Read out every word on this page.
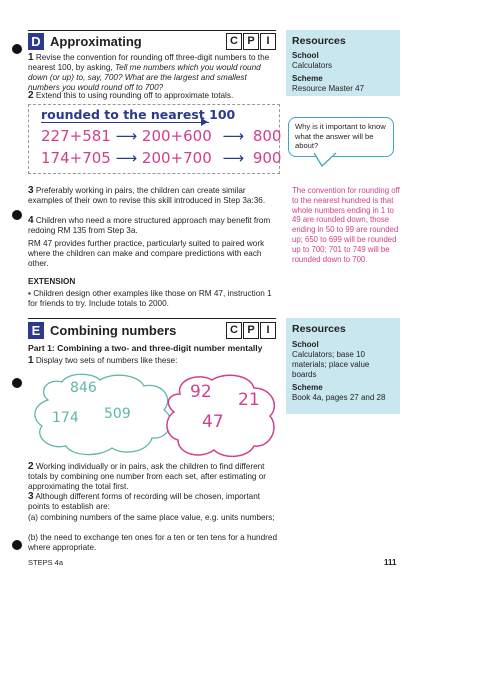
D Approximating	C P	I
1 Revise the convention for rounding off three-digit numbers to the nearest 100, by asking, Tell me numbers which you would round down (or up) to, say, 700? What are the largest and smallest numbers you would round off to 700?
2 Extend this to using rounding off to approximate totals.
rounded to the nearest 100
227+581 ⟶ 200+600 ⟶ 800
174+705 ⟶ 200+700 ⟶ 900
3 Preferably working in pairs, the children can create similar examples of their own to revise this skill introduced in Step 3a:36.
4 Children who need a more structured approach may benefit from redoing RM 135 from Step 3a.
RM 47 provides further practice, particularly suited to paired work where the children can make and compare predictions with each other.
EXTENSION
▪ Children design other examples like those on RM 47, instruction 1 for friends to try. Include totals to 2000.
Resources
School
Calculators
Scheme
Resource Master 47
Why is it important to know what the answer will be about?
The convention for rounding off to the nearest hundred is that whole numbers ending in 1 to 49 are rounded down, those ending in 50 to 99 are rounded up; 650 to 699 will be rounded up to 700; 701 to 749 will be rounded down to 700.
E Combining numbers	C P	I
Part 1: Combining a two- and three-digit number mentally
1 Display two sets of numbers like these:
846
174 509
92 21
47
2 Working individually or in pairs, ask the children to find different totals by combining one number from each set, after estimating or approximating the total first.
3 Although different forms of recording will be chosen, important points to establish are:
(a) combining numbers of the same place value, e.g. units numbers;
(b) the need to exchange ten ones for a ten or ten tens for a hundred where appropriate.
Resources
School
Calculators; base 10 materials; place value boards
Scheme
Book 4a, pages 27 and 28
STEPS 4a	111
